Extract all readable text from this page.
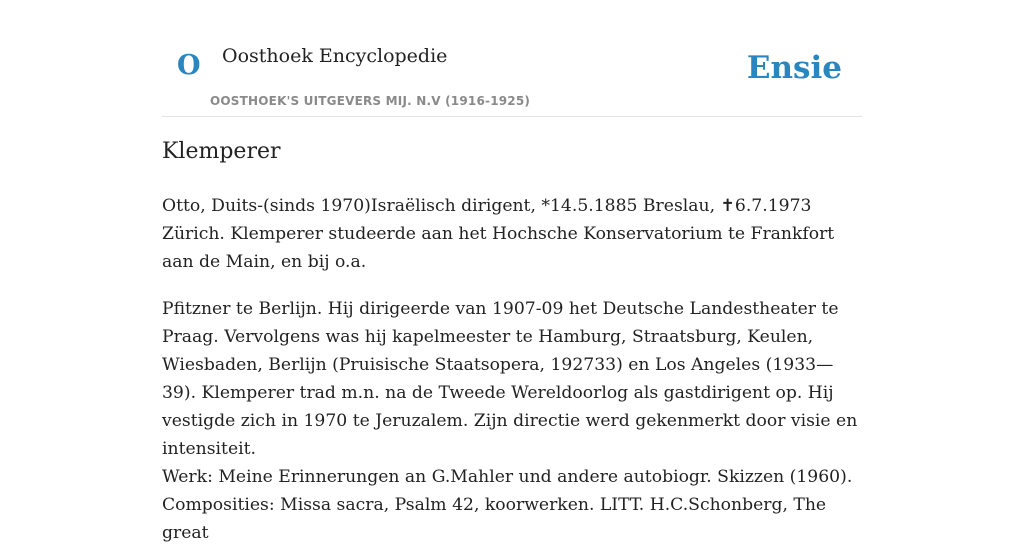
O Oosthoek Encyclopedie
OOSTHOEK'S UITGEVERS MIJ. N.V (1916-1925)
Ensie
Klemperer

Otto, Duits-(sinds 1970)Israëlisch dirigent, *14.5.1885 Breslau, ✝6.7.1973 Zürich. Klemperer studeerde aan het Hochsche Konservatorium te Frankfort aan de Main, en bij o.a.

Pfitzner te Berlijn. Hij dirigeerde van 1907-09 het Deutsche Landestheater te Praag. Vervolgens was hij kapelmeester te Hamburg, Straatsburg, Keulen, Wiesbaden, Berlijn (Pruisische Staatsopera, 192733) en Los Angeles (1933—39). Klemperer trad m.n. na de Tweede Wereldoorlog als gastdirigent op. Hij vestigde zich in 1970 te Jeruzalem. Zijn directie werd gekenmerkt door visie en intensiteit.

Werk: Meine Erinnerungen an G.Mahler und andere autobiogr. Skizzen (1960). Composities: Missa sacra, Psalm 42, koorwerken. LITT. H.C.Schonberg, The great
